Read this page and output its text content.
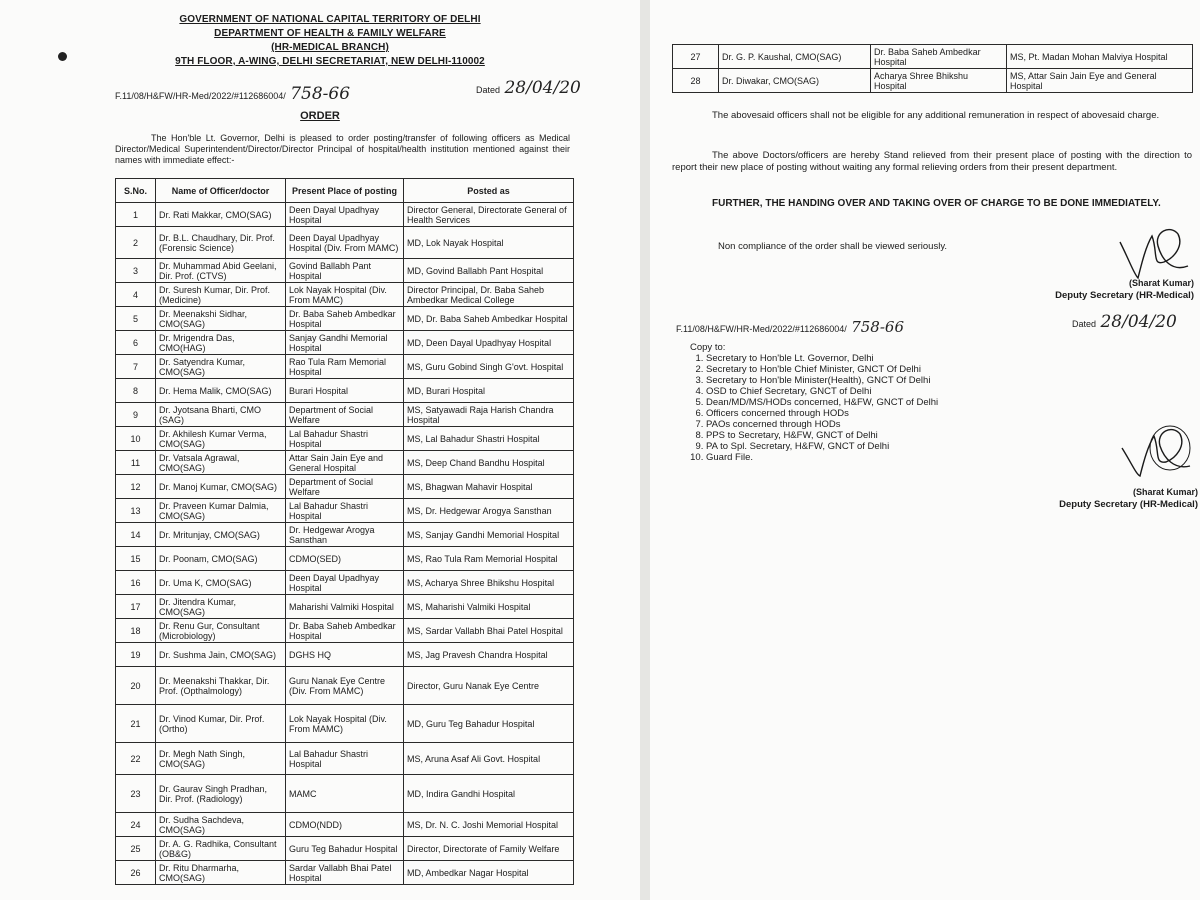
GOVERNMENT OF NATIONAL CAPITAL TERRITORY OF DELHI
DEPARTMENT OF HEALTH & FAMILY WELFARE
(HR-MEDICAL BRANCH)
9TH FLOOR, A-WING, DELHI SECRETARIAT, NEW DELHI-110002
F.11/08/H&FW/HR-Med/2022/#112686004/ 758-66	Dated 28/04/20
ORDER
The Hon'ble Lt. Governor, Delhi is pleased to order posting/transfer of following officers as Medical Director/Medical Superintendent/Director/Director Principal of hospital/health institution mentioned against their names with immediate effect:-
S.No.	Name of Officer/doctor	Present Place of posting	Posted as
1	Dr. Rati Makkar, CMO(SAG)	Deen Dayal Upadhyay Hospital	Director General, Directorate General of Health Services
2	Dr. B.L. Chaudhary, Dir. Prof. (Forensic Science)	Deen Dayal Upadhyay Hospital (Div. From MAMC)	MD, Lok Nayak Hospital
3	Dr. Muhammad Abid Geelani, Dir. Prof. (CTVS)	Govind Ballabh Pant Hospital	MD, Govind Ballabh Pant Hospital
4	Dr. Suresh Kumar, Dir. Prof. (Medicine)	Lok Nayak Hospital (Div. From MAMC)	Director Principal, Dr. Baba Saheb Ambedkar Medical College
5	Dr. Meenakshi Sidhar, CMO(SAG)	Dr. Baba Saheb Ambedkar Hospital	MD, Dr. Baba Saheb Ambedkar Hospital
6	Dr. Mrigendra Das, CMO(HAG)	Sanjay Gandhi Memorial Hospital	MD, Deen Dayal Upadhyay Hospital
7	Dr. Satyendra Kumar, CMO(SAG)	Rao Tula Ram Memorial Hospital	MS, Guru Gobind Singh G'ovt. Hospital
8	Dr. Hema Malik, CMO(SAG)	Burari Hospital	MD, Burari Hospital
9	Dr. Jyotsana Bharti, CMO (SAG)	Department of Social Welfare	MS, Satyawadi Raja Harish Chandra Hospital
10	Dr. Akhilesh Kumar Verma, CMO(SAG)	Lal Bahadur Shastri Hospital	MS, Lal Bahadur Shastri Hospital
11	Dr. Vatsala Agrawal, CMO(SAG)	Attar Sain Jain Eye and General Hospital	MS, Deep Chand Bandhu Hospital
12	Dr. Manoj Kumar, CMO(SAG)	Department of Social Welfare	MS, Bhagwan Mahavir Hospital
13	Dr. Praveen Kumar Dalmia, CMO(SAG)	Lal Bahadur Shastri Hospital	MS, Dr. Hedgewar Arogya Sansthan
14	Dr. Mritunjay, CMO(SAG)	Dr. Hedgewar Arogya Sansthan	MS, Sanjay Gandhi Memorial Hospital
15	Dr. Poonam, CMO(SAG)	CDMO(SED)	MS, Rao Tula Ram Memorial Hospital
16	Dr. Uma K, CMO(SAG)	Deen Dayal Upadhyay Hospital	MS, Acharya Shree Bhikshu Hospital
17	Dr. Jitendra Kumar, CMO(SAG)	Maharishi Valmiki Hospital	MS, Maharishi Valmiki Hospital
18	Dr. Renu Gur, Consultant (Microbiology)	Dr. Baba Saheb Ambedkar Hospital	MS, Sardar Vallabh Bhai Patel Hospital
19	Dr. Sushma Jain, CMO(SAG)	DGHS HQ	MS, Jag Pravesh Chandra Hospital
20	Dr. Meenakshi Thakkar, Dir. Prof. (Opthalmology)	Guru Nanak Eye Centre (Div. From MAMC)	Director, Guru Nanak Eye Centre
21	Dr. Vinod Kumar, Dir. Prof. (Ortho)	Lok Nayak Hospital (Div. From MAMC)	MD, Guru Teg Bahadur Hospital
22	Dr. Megh Nath Singh, CMO(SAG)	Lal Bahadur Shastri Hospital	MS, Aruna Asaf Ali Govt. Hospital
23	Dr. Gaurav Singh Pradhan, Dir. Prof. (Radiology)	MAMC	MD, Indira Gandhi Hospital
24	Dr. Sudha Sachdeva, CMO(SAG)	CDMO(NDD)	MS, Dr. N. C. Joshi Memorial Hospital
25	Dr. A. G. Radhika, Consultant (OB&G)	Guru Teg Bahadur Hospital	Director, Directorate of Family Welfare
26	Dr. Ritu Dharmarha, CMO(SAG)	Sardar Vallabh Bhai Patel Hospital	MD, Ambedkar Nagar Hospital
27	Dr. G. P. Kaushal, CMO(SAG)	Dr. Baba Saheb Ambedkar Hospital	MS, Pt. Madan Mohan Malviya Hospital
28	Dr. Diwakar, CMO(SAG)	Acharya Shree Bhikshu Hospital	MS, Attar Sain Jain Eye and General Hospital
The abovesaid officers shall not be eligible for any additional remuneration in respect of abovesaid charge.
The above Doctors/officers are hereby Stand relieved from their present place of posting with the direction to report their new place of posting without waiting any formal relieving orders from their present department.
FURTHER, THE HANDING OVER AND TAKING OVER OF CHARGE TO BE DONE IMMEDIATELY.
Non compliance of the order shall be viewed seriously.
(Sharat Kumar)
Deputy Secretary (HR-Medical)
Dated 28/04/20
F.11/08/H&FW/HR-Med/2022/#112686004/ 758-66
Copy to:
1. Secretary to Hon'ble Lt. Governor, Delhi
2. Secretary to Hon'ble Chief Minister, GNCT Of Delhi
3. Secretary to Hon'ble Minister(Health), GNCT Of Delhi
4. OSD to Chief Secretary, GNCT of Delhi
5. Dean/MD/MS/HODs concerned, H&FW, GNCT of Delhi
6. Officers concerned through HODs
7. PAOs concerned through HODs
8. PPS to Secretary, H&FW, GNCT of Delhi
9. PA to Spl. Secretary, H&FW, GNCT of Delhi
10. Guard File.
(Sharat Kumar)
Deputy Secretary (HR-Medical)
